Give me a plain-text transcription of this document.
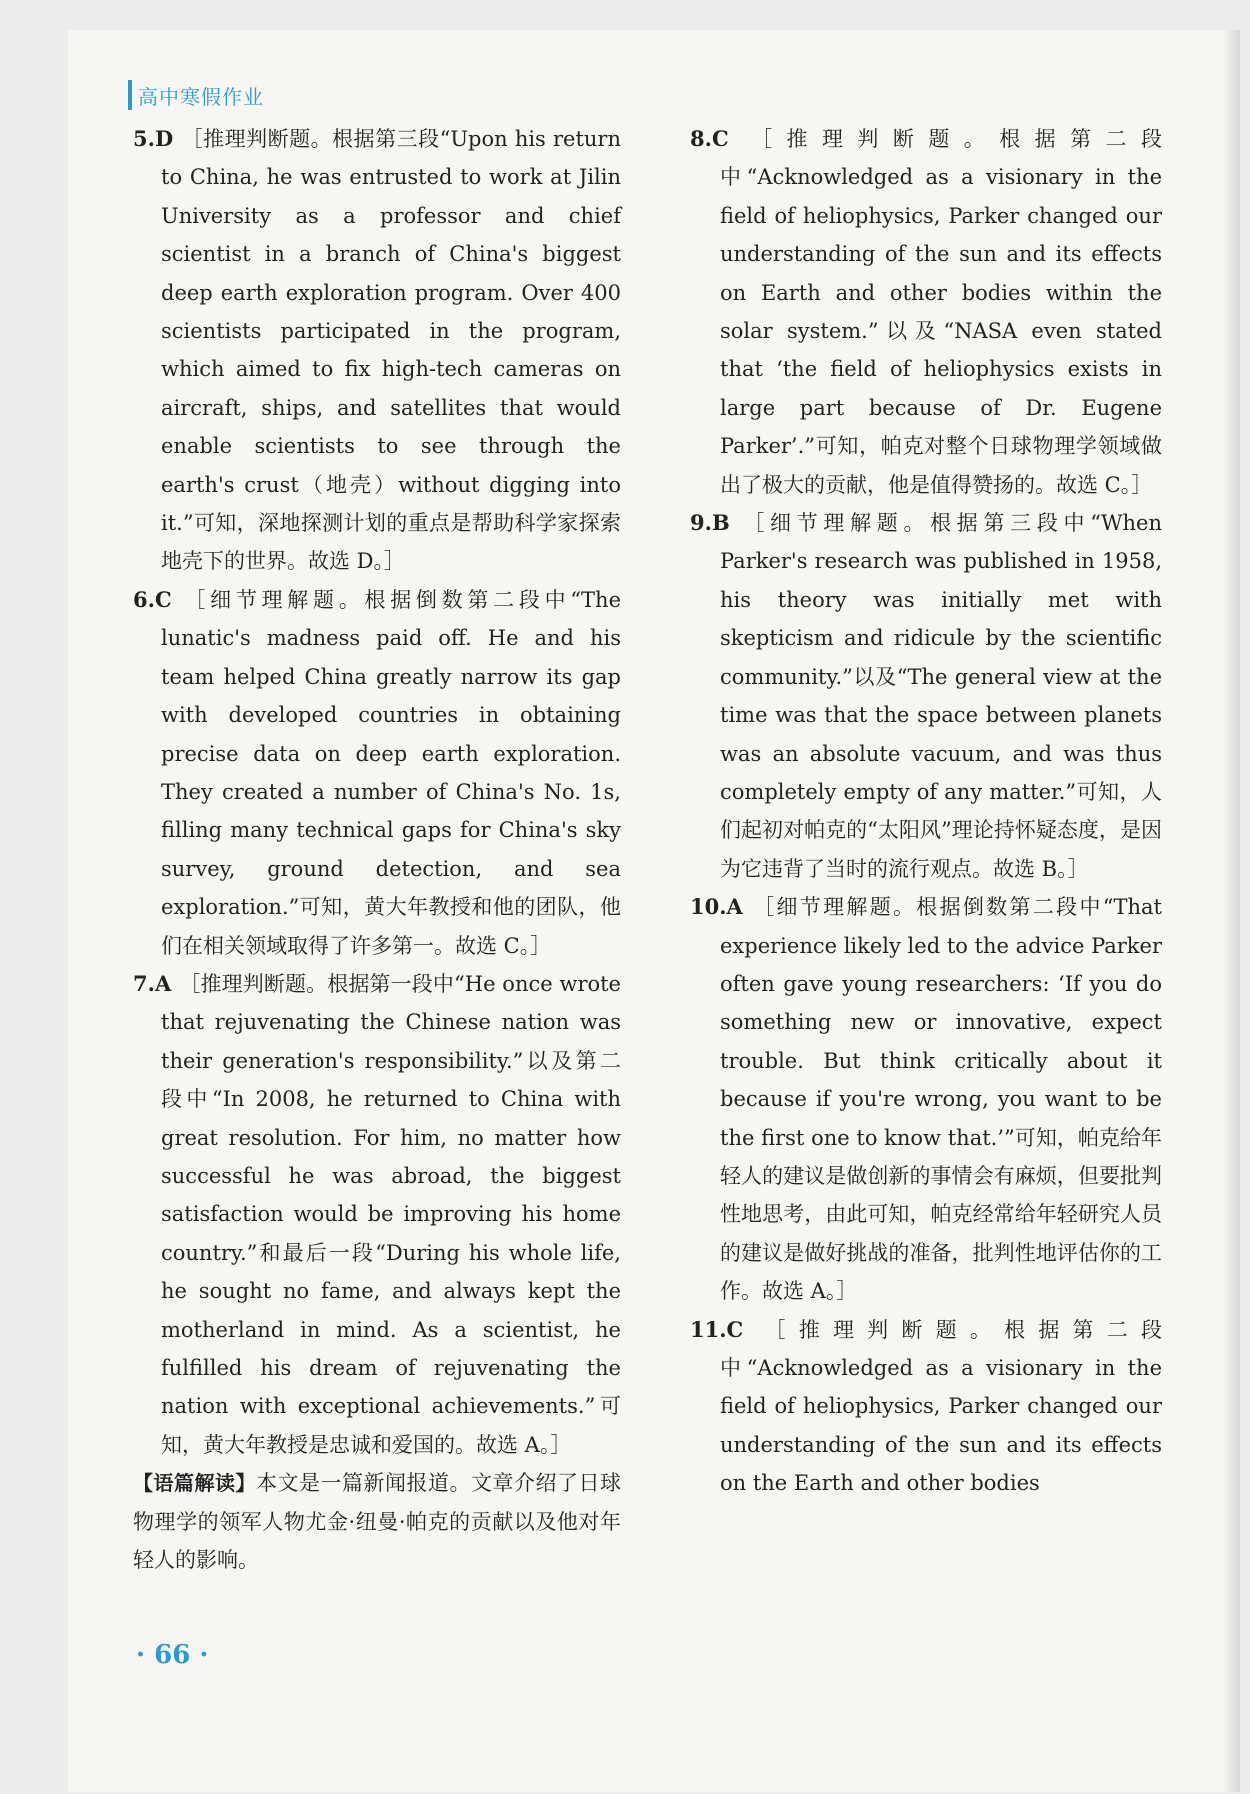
高中寒假作业

5.D ［推理判断题。根据第三段“Upon his return to China, he was entrusted to work at Jilin University as a professor and chief scientist in a branch of China's biggest deep earth exploration program. Over 400 scientists participated in the program, which aimed to fix high-tech cameras on aircraft, ships, and satellites that would enable scientists to see through the earth's crust（地壳）without digging into it.”可知，深地探测计划的重点是帮助科学家探索地壳下的世界。故选 D。］

6.C ［细节理解题。根据倒数第二段中“The lunatic's madness paid off. He and his team helped China greatly narrow its gap with developed countries in obtaining precise data on deep earth exploration. They created a number of China's No. 1s, filling many technical gaps for China's sky survey, ground detection, and sea exploration.”可知，黄大年教授和他的团队，他们在相关领域取得了许多第一。故选 C。］

7.A ［推理判断题。根据第一段中“He once wrote that rejuvenating the Chinese nation was their generation's responsibility.”以及第二段中“In 2008, he returned to China with great resolution. For him, no matter how successful he was abroad, the biggest satisfaction would be improving his home country.”和最后一段“During his whole life, he sought no fame, and always kept the motherland in mind. As a scientist, he fulfilled his dream of rejuvenating the nation with exceptional achievements.”可知，黄大年教授是忠诚和爱国的。故选 A。］

【语篇解读】本文是一篇新闻报道。文章介绍了日球物理学的领军人物尤金·纽曼·帕克的贡献以及他对年轻人的影响。

8.C ［推理判断题。根据第二段中“Acknowledged as a visionary in the field of heliophysics, Parker changed our understanding of the sun and its effects on Earth and other bodies within the solar system.”以及“NASA even stated that ‘the field of heliophysics exists in large part because of Dr. Eugene Parker’.”可知，帕克对整个日球物理学领域做出了极大的贡献，他是值得赞扬的。故选 C。］

9.B ［细节理解题。根据第三段中“When Parker's research was published in 1958, his theory was initially met with skepticism and ridicule by the scientific community.”以及“The general view at the time was that the space between planets was an absolute vacuum, and was thus completely empty of any matter.”可知，人们起初对帕克的“太阳风”理论持怀疑态度，是因为它违背了当时的流行观点。故选 B。］

10.A ［细节理解题。根据倒数第二段中“That experience likely led to the advice Parker often gave young researchers: ‘If you do something new or innovative, expect trouble. But think critically about it because if you're wrong, you want to be the first one to know that.’”可知，帕克给年轻人的建议是做创新的事情会有麻烦，但要批判性地思考，由此可知，帕克经常给年轻研究人员的建议是做好挑战的准备，批判性地评估你的工作。故选 A。］

11.C ［推理判断题。根据第二段中“Acknowledged as a visionary in the field of heliophysics, Parker changed our understanding of the sun and its effects on the Earth and other bodies

· 66 ·
